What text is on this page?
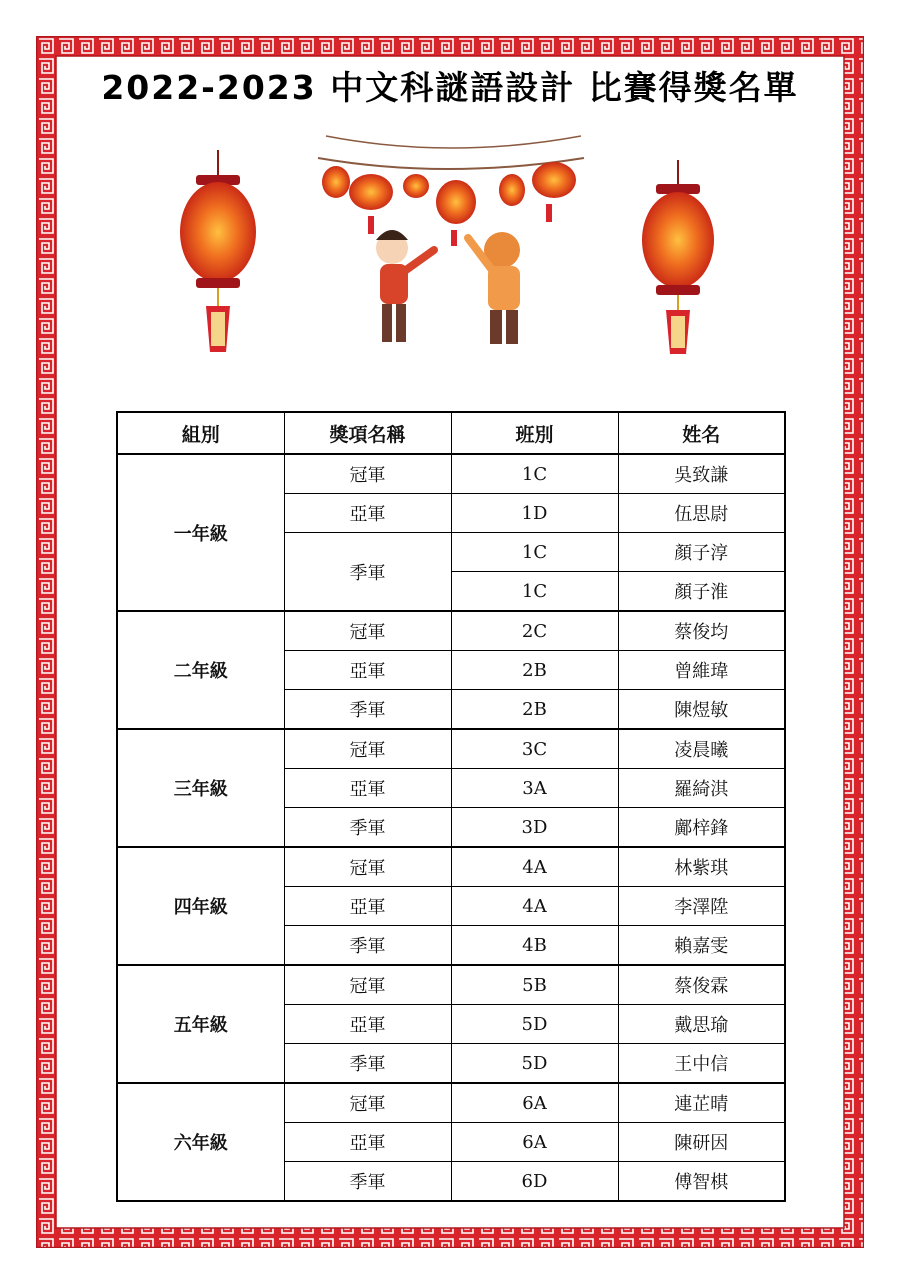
2022-2023 中文科謎語設計 比賽得獎名單
組別	獎項名稱	班別	姓名
一年級	冠軍	1C	吳致謙
	亞軍	1D	伍思尉
	季軍	1C	顏子淳
		1C	顏子淮
二年級	冠軍	2C	蔡俊均
	亞軍	2B	曾維瑋
	季軍	2B	陳煜敏
三年級	冠軍	3C	凌晨曦
	亞軍	3A	羅綺淇
	季軍	3D	鄺梓鋒
四年級	冠軍	4A	林紫琪
	亞軍	4A	李澤陞
	季軍	4B	賴嘉雯
五年級	冠軍	5B	蔡俊霖
	亞軍	5D	戴思瑜
	季軍	5D	王中信
六年級	冠軍	6A	連芷晴
	亞軍	6A	陳研因
	季軍	6D	傅智棋
